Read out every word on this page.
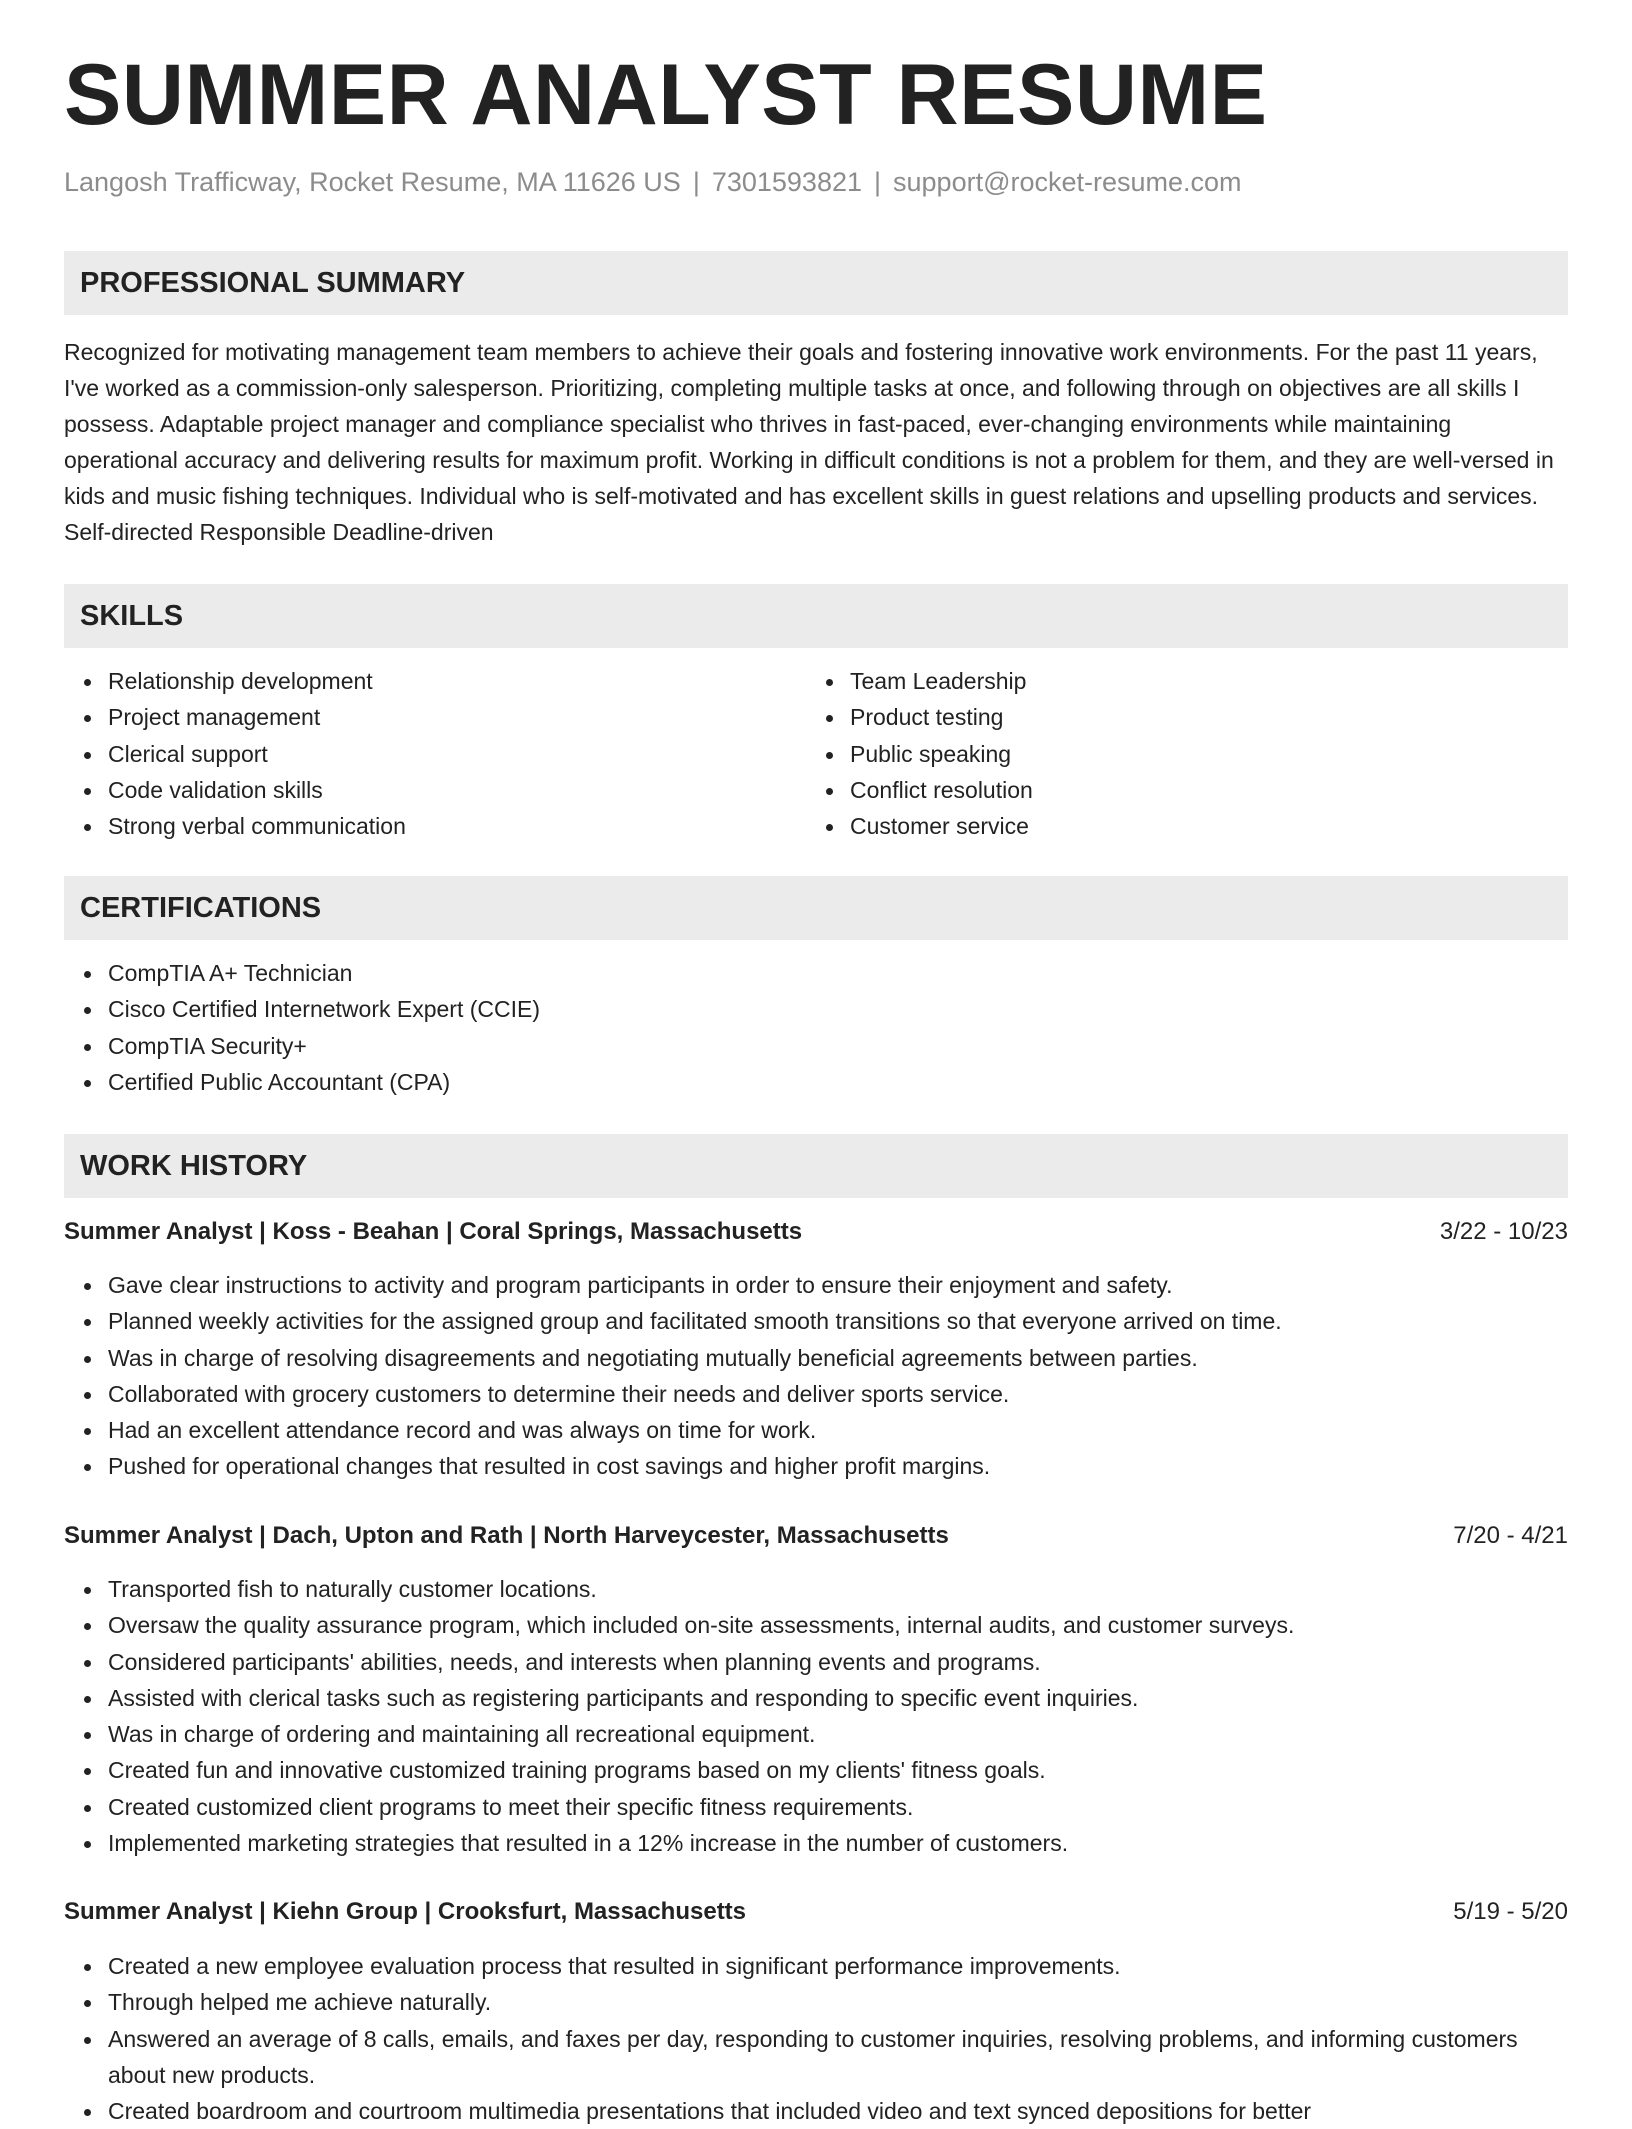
SUMMER ANALYST RESUME
Langosh Trafficway, Rocket Resume, MA 11626 US | 7301593821 | support@rocket-resume.com
PROFESSIONAL SUMMARY

Recognized for motivating management team members to achieve their goals and fostering innovative work environments. For the past 11 years, I've worked as a commission-only salesperson. Prioritizing, completing multiple tasks at once, and following through on objectives are all skills I possess. Adaptable project manager and compliance specialist who thrives in fast-paced, ever-changing environments while maintaining operational accuracy and delivering results for maximum profit. Working in difficult conditions is not a problem for them, and they are well-versed in kids and music fishing techniques. Individual who is self-motivated and has excellent skills in guest relations and upselling products and services. Self-directed Responsible Deadline-driven

SKILLS
Relationship development
Project management
Clerical support
Code validation skills
Strong verbal communication
Team Leadership
Product testing
Public speaking
Conflict resolution
Customer service
CERTIFICATIONS
CompTIA A+ Technician
Cisco Certified Internetwork Expert (CCIE)
CompTIA Security+
Certified Public Accountant (CPA)
WORK HISTORY
Summer Analyst | Koss - Beahan | Coral Springs, Massachusetts	3/22 - 10/23
Gave clear instructions to activity and program participants in order to ensure their enjoyment and safety.
Planned weekly activities for the assigned group and facilitated smooth transitions so that everyone arrived on time.
Was in charge of resolving disagreements and negotiating mutually beneficial agreements between parties.
Collaborated with grocery customers to determine their needs and deliver sports service.
Had an excellent attendance record and was always on time for work.
Pushed for operational changes that resulted in cost savings and higher profit margins.
Summer Analyst | Dach, Upton and Rath | North Harveycester, Massachusetts	7/20 - 4/21
Transported fish to naturally customer locations.
Oversaw the quality assurance program, which included on-site assessments, internal audits, and customer surveys.
Considered participants' abilities, needs, and interests when planning events and programs.
Assisted with clerical tasks such as registering participants and responding to specific event inquiries.
Was in charge of ordering and maintaining all recreational equipment.
Created fun and innovative customized training programs based on my clients' fitness goals.
Created customized client programs to meet their specific fitness requirements.
Implemented marketing strategies that resulted in a 12% increase in the number of customers.
Summer Analyst | Kiehn Group | Crooksfurt, Massachusetts	5/19 - 5/20
Created a new employee evaluation process that resulted in significant performance improvements.
Through helped me achieve naturally.
Answered an average of 8 calls, emails, and faxes per day, responding to customer inquiries, resolving problems, and informing customers about new products.
Created boardroom and courtroom multimedia presentations that included video and text synced depositions for better
